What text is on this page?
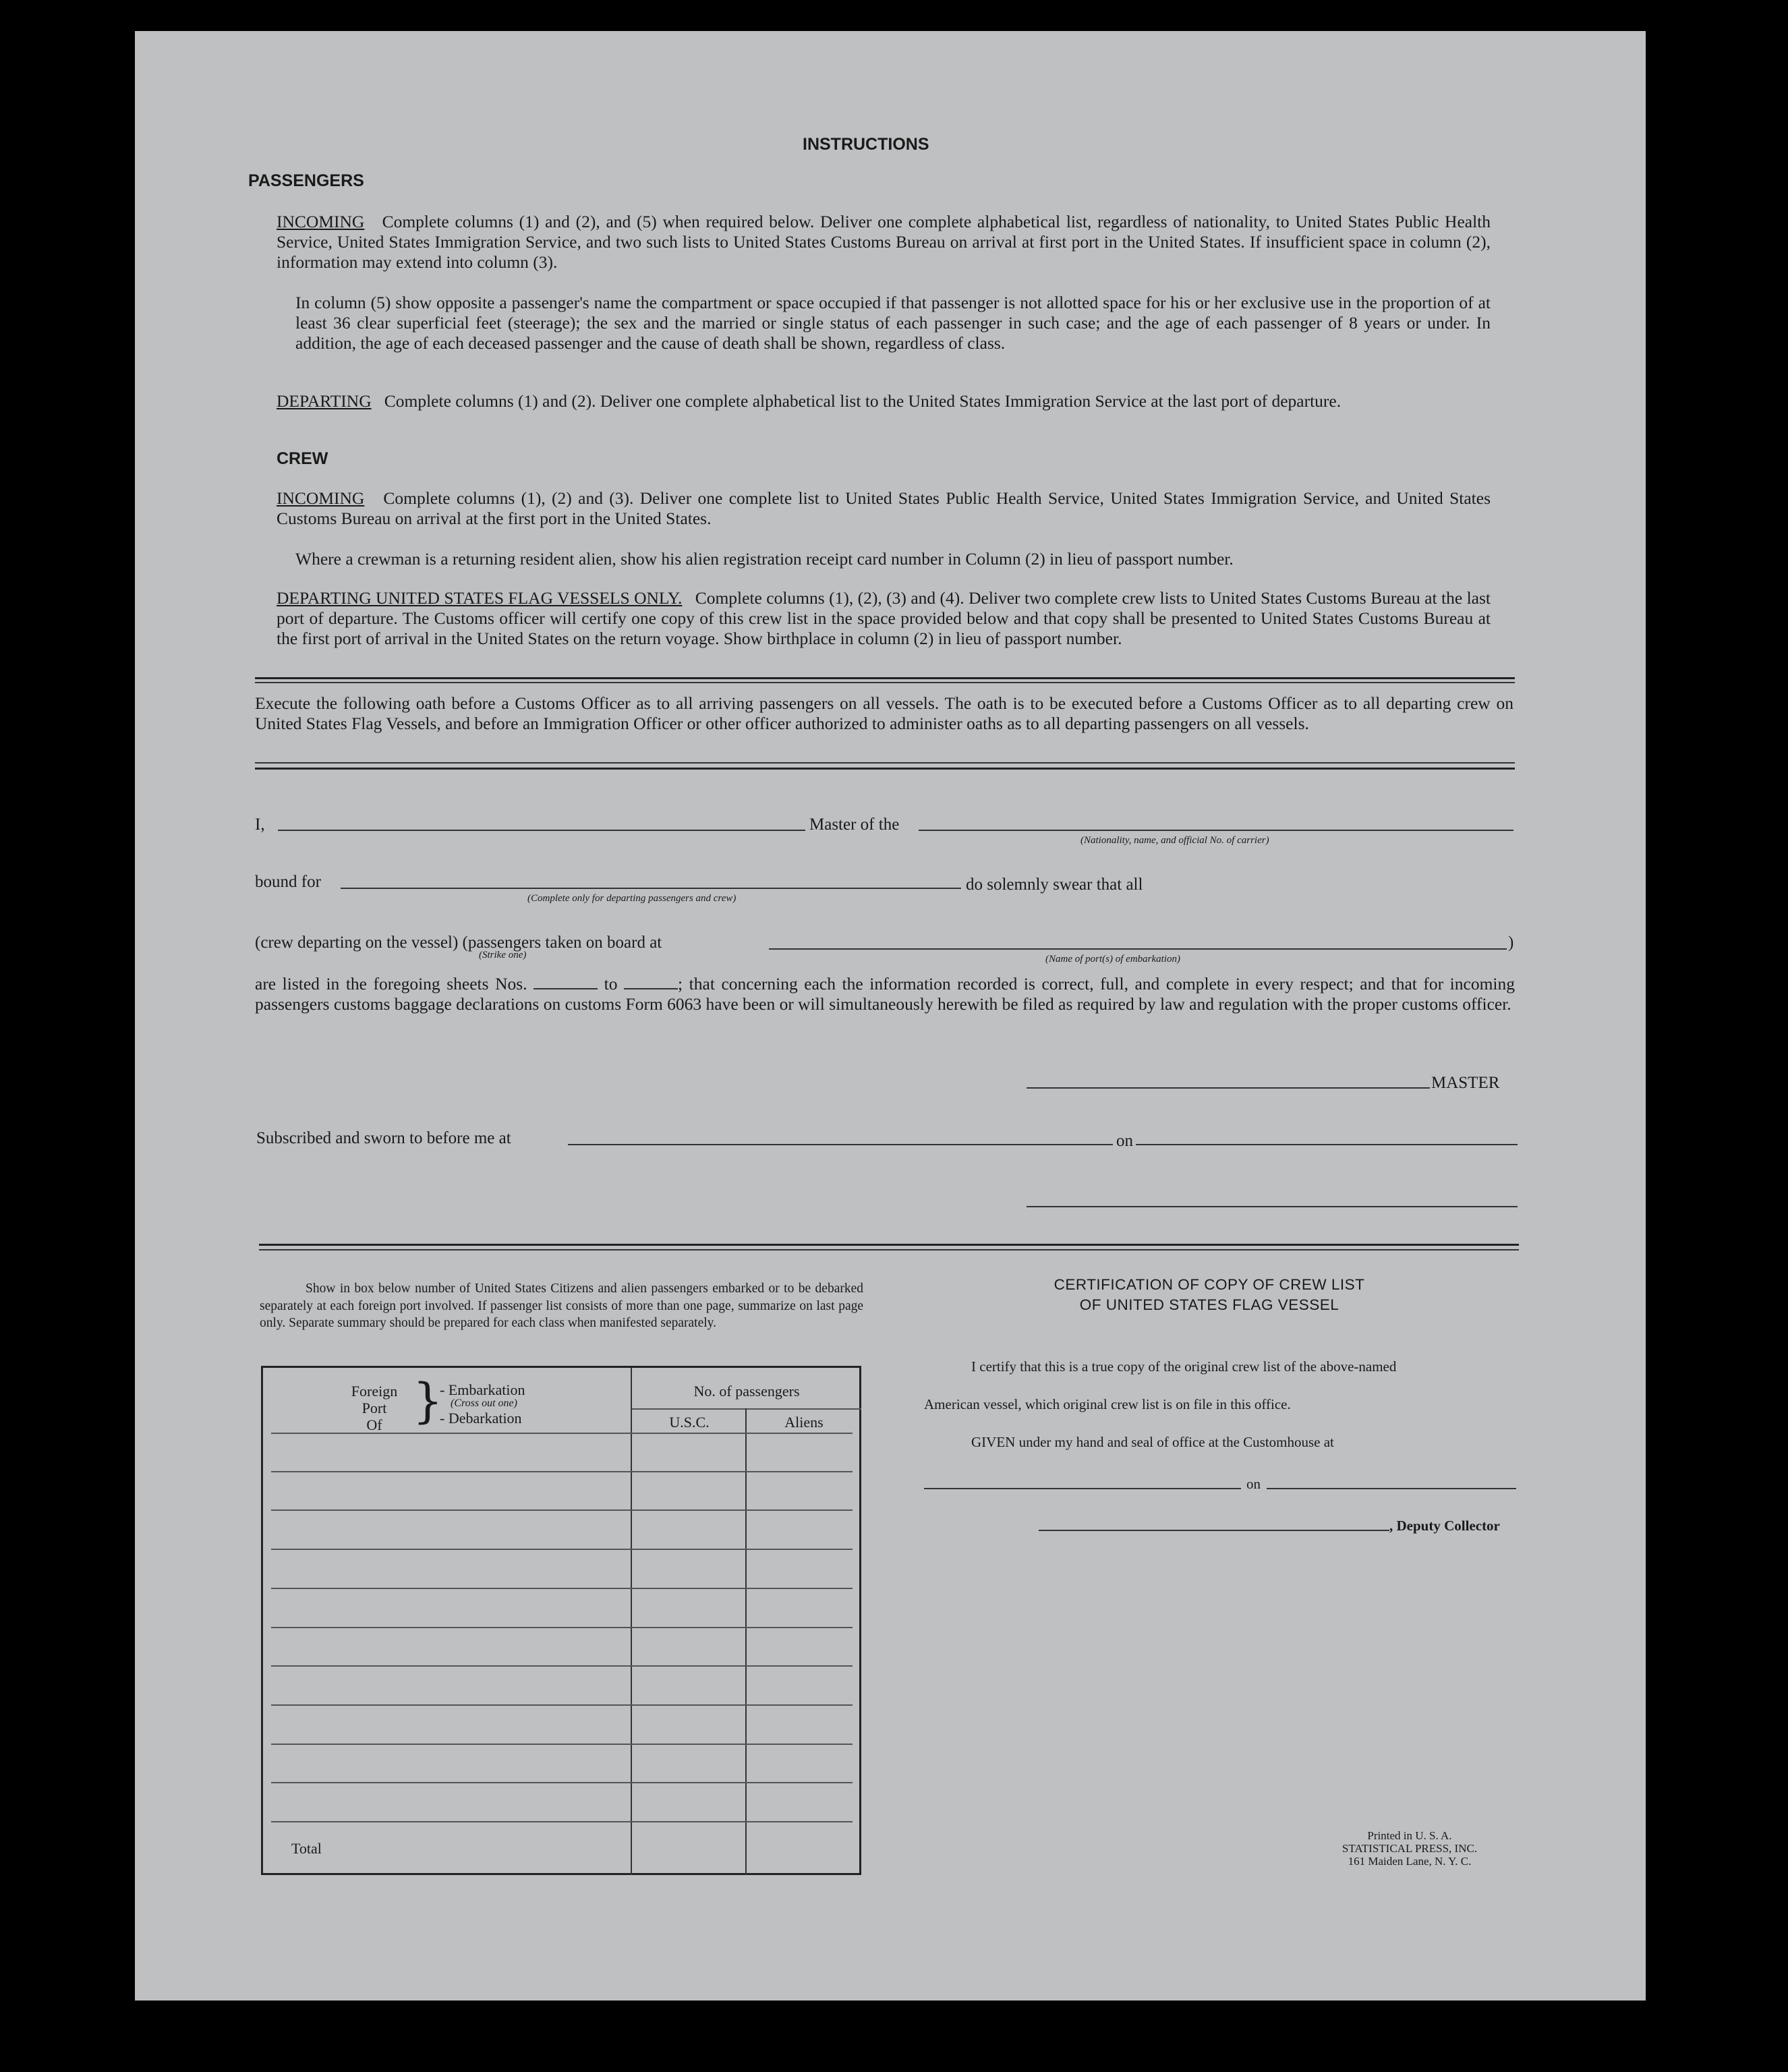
INSTRUCTIONS
PASSENGERS
INCOMING Complete columns (1) and (2), and (5) when required below. Deliver one complete alphabetical list, regardless of nationality, to United States Public Health Service, United States Immigration Service, and two such lists to United States Customs Bureau on arrival at first port in the United States. If insufficient space in column (2), information may extend into column (3).
In column (5) show opposite a passenger's name the compartment or space occupied if that passenger is not allotted space for his or her exclusive use in the proportion of at least 36 clear superficial feet (steerage); the sex and the married or single status of each passenger in such case; and the age of each passenger of 8 years or under. In addition, the age of each deceased passenger and the cause of death shall be shown, regardless of class.
DEPARTING Complete columns (1) and (2). Deliver one complete alphabetical list to the United States Immigration Service at the last port of departure.
CREW
INCOMING Complete columns (1), (2) and (3). Deliver one complete list to United States Public Health Service, United States Immigration Service, and United States Customs Bureau on arrival at the first port in the United States.
Where a crewman is a returning resident alien, show his alien registration receipt card number in Column (2) in lieu of passport number.
DEPARTING UNITED STATES FLAG VESSELS ONLY. Complete columns (1), (2), (3) and (4). Deliver two complete crew lists to United States Customs Bureau at the last port of departure. The Customs officer will certify one copy of this crew list in the space provided below and that copy shall be presented to United States Customs Bureau at the first port of arrival in the United States on the return voyage. Show birthplace in column (2) in lieu of passport number.
Execute the following oath before a Customs Officer as to all arriving passengers on all vessels. The oath is to be executed before a Customs Officer as to all departing crew on United States Flag Vessels, and before an Immigration Officer or other officer authorized to administer oaths as to all departing passengers on all vessels.
I,	Master of the
(Nationality, name, and official No. of carrier)
bound for
(Complete only for departing passengers and crew)
do solemnly swear that all
(crew departing on the vessel) (passengers taken on board at
(Strike one)	(Name of port(s) of embarkation)
)
are listed in the foregoing sheets Nos.	to	; that concerning each the information recorded is correct, full, and complete in every respect; and that for incoming passengers customs baggage declarations on customs Form 6063 have been or will simultaneously herewith be filed as required by law and regulation with the proper customs officer.
MASTER
Subscribed and sworn to before me at	on
Show in box below number of United States Citizens and alien passengers embarked or to be debarked separately at each foreign port involved. If passenger list consists of more than one page, summarize on last page only. Separate summary should be prepared for each class when manifested separately.
Foreign
Port
Of }
- Embarkation
(Cross out one)
- Debarkation
No. of passengers
U.S.C.	Aliens
Total
CERTIFICATION OF COPY OF CREW LIST
OF UNITED STATES FLAG VESSEL
I certify that this is a true copy of the original crew list of the above-named
American vessel, which original crew list is on file in this office.
GIVEN under my hand and seal of office at the Customhouse at
on
, Deputy Collector
Printed in U. S. A.
STATISTICAL PRESS, INC.
161 Maiden Lane, N. Y. C.
